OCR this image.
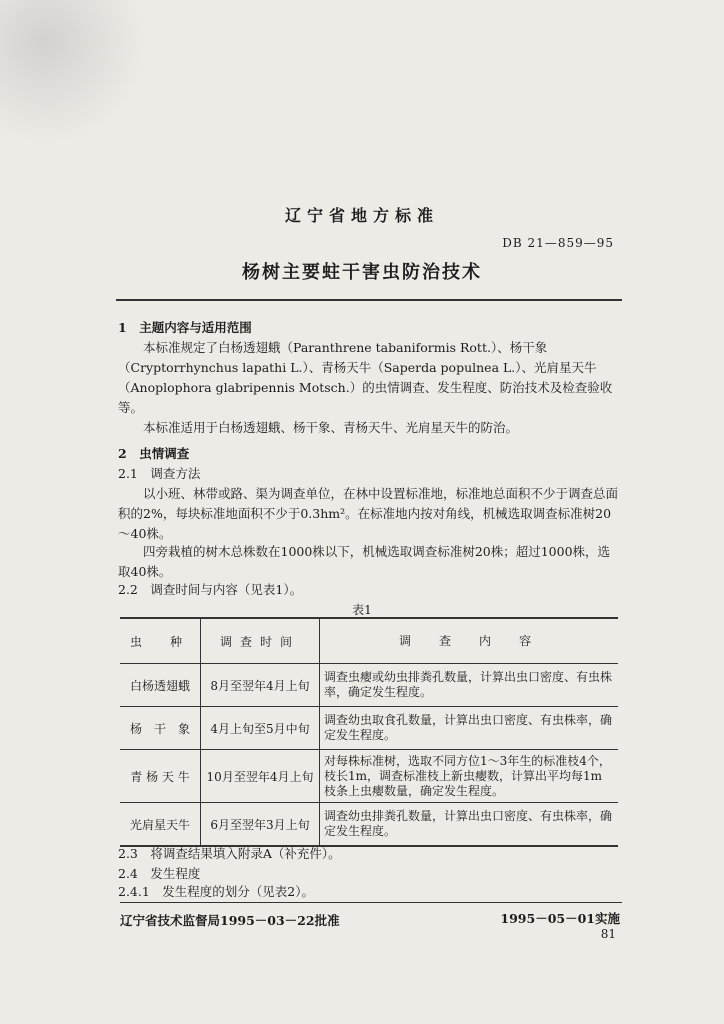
辽宁省地方标准
DB 21—859—95
杨树主要蛀干害虫防治技术
1　主题内容与适用范围
本标准规定了白杨透翅蛾（Paranthrene tabaniformis Rott.）、杨干象（Cryptorrhynchus lapathi L.）、青杨天牛（Saperda populnea L.）、光肩星天牛（Anoplophora glabripennis Motsch.）的虫情调查、发生程度、防治技术及检查验收等。
本标准适用于白杨透翅蛾、杨干象、青杨天牛、光肩星天牛的防治。
2　虫情调查
2.1　调查方法
以小班、林带或路、渠为调查单位，在林中设置标准地，标准地总面积不少于调查总面积的2%，每块标准地面积不少于0.3hm²。在标准地内按对角线，机械选取调查标准树20～40株。
四旁栽植的树木总株数在1000株以下，机械选取调查标准树20株；超过1000株，选取40株。
2.2　调查时间与内容（见表1）。
表1
虫　种	调查时间	调　查　内　容
白杨透翅蛾	8月至翌年4月上旬	调查虫瘿或幼虫排粪孔数量，计算出虫口密度、有虫株率，确定发生程度。
杨　干　象	4月上旬至5月中旬	调查幼虫取食孔数量，计算出虫口密度、有虫株率，确定发生程度。
青 杨 天 牛	10月至翌年4月上旬	对每株标准树，选取不同方位1～3年生的标准枝4个，枝长1m，调查标准枝上新虫瘿数，计算出平均每1m枝条上虫瘿数量，确定发生程度。
光肩星天牛	6月至翌年3月上旬	调查幼虫排粪孔数量，计算出虫口密度、有虫株率，确定发生程度。
2.3　将调查结果填入附录A（补充件）。
2.4　发生程度
2.4.1　发生程度的划分（见表2）。
辽宁省技术监督局1995－03－22批准	1995－05－01实施
81
